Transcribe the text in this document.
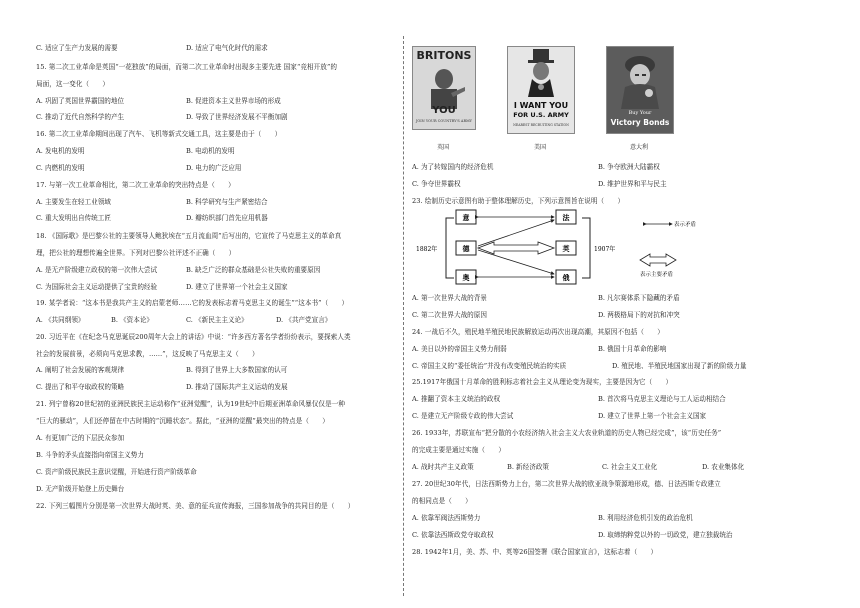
C. 适应了生产力发展的需要	D. 适应了电气化时代的需求
15. 第二次工业革命是英国“一花独放”的局面，而第二次工业革命时出现多主要先进 国家“竞相开放”的
局面，这一变化（　　）
A. 巩固了英国世界霸国的地位	B. 促进资本主义世界市场的形成
C. 推动了近代自然科学的产生	D. 导致了世界经济发展不平衡加剧
16. 第二次工业革命期间出现了汽车、飞机等新式交通工具，这主要是由于（　　）
A. 发电机的发明	B. 电动机的发明
C. 内燃机的发明	D. 电力的广泛应用
17. 与第一次工业革命相比，第二次工业革命的突出特点是（　　）
A. 主要发生在轻工业领域	B. 科学研究与生产紧密结合
C. 重大发明出自传统工匠	D. 瓣纺织部门首先应用机器
18. 《国际歌》是巴黎公社的主要领导人鲍狄埃在“五月流血周”后写出的，它宣传了马克思主义的革命真
理，把公社的理想传遍全世界。下列对巴黎公社评述不正确（　　）
A. 是无产阶级建立政权的第一次伟大尝试	B. 缺乏广泛的群众基础是公社失败的重要原因
C. 为国际社会主义运动提供了宝贵的经验	D. 建立了世界第一个社会主义国家
19. 某学者说：“这本书是我共产主义的启蒙老师……它的发表标志着马克思主义的诞生”“这本书”（　　）
A. 《共同纲领》	B. 《资本论》	C. 《新民主主义论》	D. 《共产党宣言》
20. 习近平在《在纪念马克思诞辰200周年大会上的讲话》中说：“许多西方著名学者纷纷表示，要探索人类
社会的发展前景，必须向马克思求教，……”，这反映了马克思主义（　　）
A. 阐明了社会发展的客观规律	B. 得到了世界上大多数国家的认可
C. 提出了和平夺取政权的策略	D. 推动了国际共产主义运动的发展
21. 列宁曾称20世纪初的亚洲民族民主运动称作“亚洲觉醒”，认为19世纪中后期亚洲革命风暴仅仅是一种
“巨大的骚动”，人们还停留在中古时期的“沉睡状态”。据此，“亚洲的觉醒”最突出的特点是（　　）
A. 有更加广泛的下层民众参加
B. 斗争的矛头直接指向帝国主义势力
C. 资产阶级民族民主意识觉醒，开始进行资产阶级革命
D. 无产阶级开始登上历史舞台
22. 下列三幅图片分别是第一次世界大战时英、美、意的征兵宣传海报，三国参加战争的共同目的是（　　）
BRITONS
YOU
JOIN YOUR COUNTRY'S ARMY
英国
I WANT YOU
FOR U.S. ARMY
NEAREST RECRUITING STATION
美国
Buy Your
Victory Bonds
意大利
A. 为了转嫁国内的经济危机	B. 争夺欧洲大陆霸权
C. 争夺世界霸权	D. 维护世界和平与民主
23. 绘制历史示意图有助于整体理解历史，下列示意图旨在说明（　　）
1882年	1907年
意	法
德	英
奥	俄
表示矛盾
表示主要矛盾
A. 第一次世界大战的背景	B. 凡尔赛体系下隐藏的矛盾
C. 第二次世界大战的原因	D. 两极格局下的对抗和冲突
24. 一战后不久，殖民地半殖民地民族解放运动再次出现高潮，其原因不包括（　　）
A. 美日以外的帝国主义势力削弱	B. 俄国十月革命的影响
C. 帝国主义的“委任统治”并没有改变殖民统治的实质	D. 殖民地、半殖民地国家出现了新的阶级力量
25.1917年俄国十月革命的胜利标志着社会主义从理论变为现实，主要是因为它（　　）
A. 推翻了资本主义统治的政权	B. 首次将马克思主义理论与工人运动相结合
C. 是建立无产阶级专政的伟大尝试	D. 建立了世界上第一个社会主义国家
26. 1933年，苏联宣布“把分散的小农经济纳入社会主义大农业轨道的历史人物已经完成”，该“历史任务”
的完成主要是通过实施（　　）
A. 战时共产主义政策	B. 新经济政策	C. 社会主义工业化	D. 农业集体化
27. 20世纪30年代，日法西斯势力上台，第二次世界大战的欧亚战争策源地形成，德、日法西斯专政建立
的相同点是（　　）
A. 依靠军阀法西斯势力	B. 利用经济危机引发的政治危机
C. 依靠法西斯政党夺取政权	D. 取缔纳粹党以外的一切政党，建立独裁统治
28. 1942年1月，美、苏、中、英等26国签署《联合国家宣言》，这标志着（　　）
